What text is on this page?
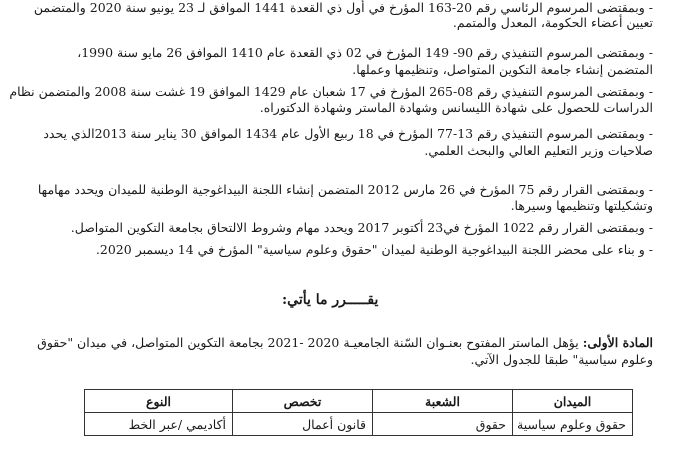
- وبمقتضى المرسوم الرئاسي رقم 20-163 المؤرخ في أول ذي القعدة 1441 الموافق لـ 23 يونيو سنة 2020 والمتضمن
تعيين أعضاء الحكومة، المعدل والمتمم.
- وبمقتضى المرسوم التنفيذي رقم 90- 149 المؤرخ في 02 ذي القعدة عام 1410 الموافق 26 مايو سنة 1990،
المتضمن إنشاء جامعة التكوين المتواصل، وتنظيمها وعملها.
- وبمقتضى المرسوم التنفيذي رقم 08-265 المؤرخ في 17 شعبان عام 1429 الموافق 19 غشت سنة 2008 والمتضمن نظام
الدراسات للحصول على شهادة الليسانس وشهادة الماستر وشهادة الدكتوراه.
- وبمقتضى المرسوم التنفيذي رقم 13-77 المؤرخ في 18 ربيع الأول عام 1434 الموافق 30 يناير سنة 2013الذي يحدد
صلاحيات وزير التعليم العالي والبحث العلمي.
- وبمقتضى القرار رقم 75 المؤرخ في 26 مارس 2012 المتضمن إنشاء اللجنة البيداغوجية الوطنية للميدان ويحدد مهامها
وتشكيلتها وتنظيمها وسيرها.
- وبمقتضى القرار رقم 1022 المؤرخ في23 أكتوبر 2017 ويحدد مهام وشروط الالتحاق بجامعة التكوين المتواصل.
- و بناء على محضر اللجنة البيداغوجية الوطنية لميدان "حقوق وعلوم سياسية" المؤرخ في 14 ديسمبر 2020.
يقـــــرر ما يأتي:
المادة الأولى: يؤهل الماستر المفتوح بعنـوان السّنة الجامعيـة 2020 -2021 بجامعة التكوين المتواصل، في ميدان "حقوق
وعلوم سياسية" طبقا للجدول الآتي.
الميدان	الشعبة	تخصص	النوع
حقوق وعلوم سياسية	حقوق	قانون أعمال	أكاديمي /عبر الخط
